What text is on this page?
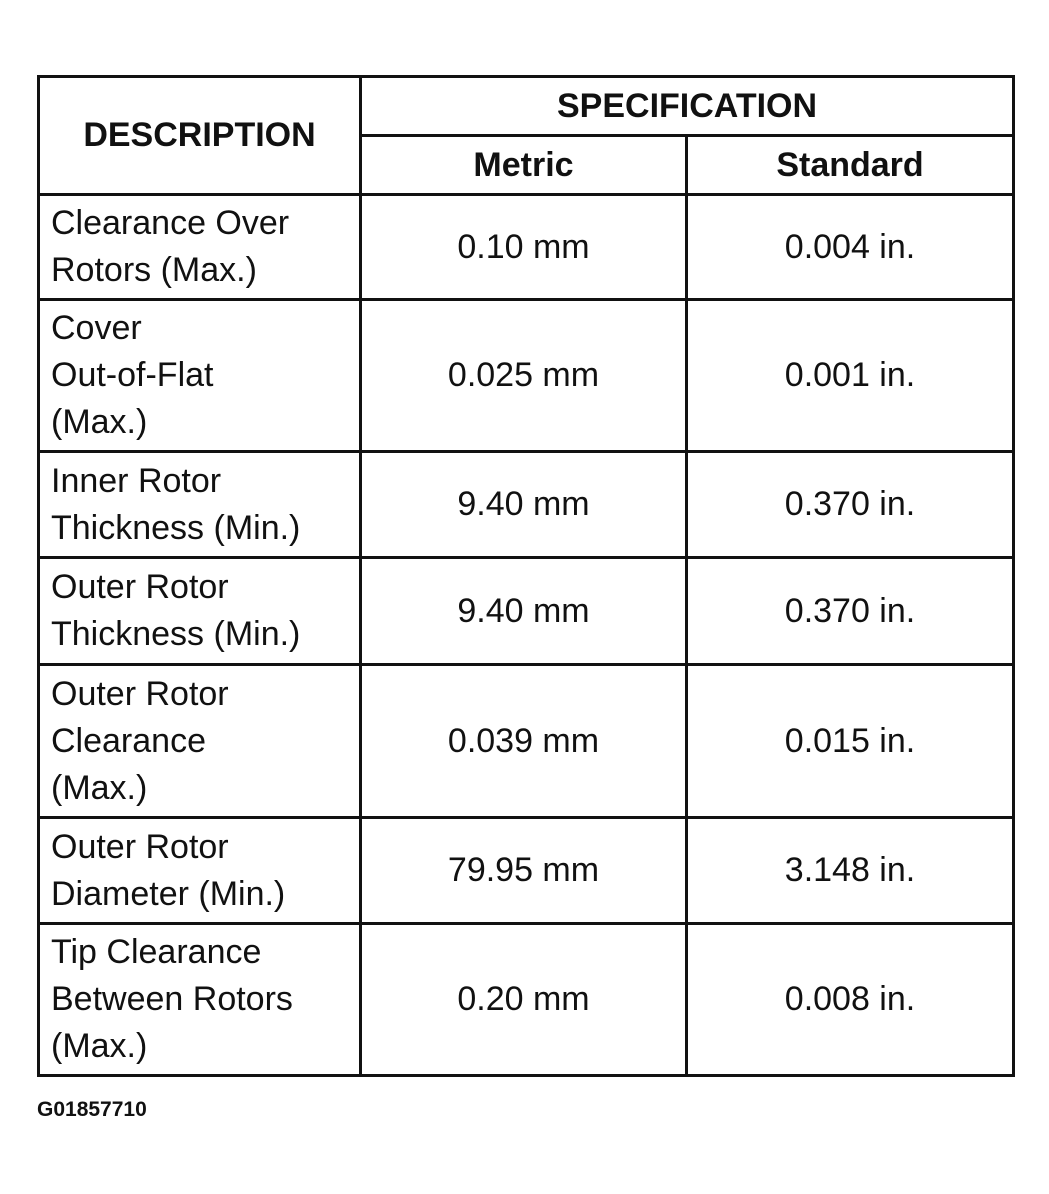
DESCRIPTION	SPECIFICATION	
	Metric	Standard
Clearance Over
Rotors (Max.)	0.10 mm	0.004 in.
Cover
Out-of-Flat
(Max.)	0.025 mm	0.001 in.
Inner Rotor
Thickness (Min.)	9.40 mm	0.370 in.
Outer Rotor
Thickness (Min.)	9.40 mm	0.370 in.
Outer Rotor
Clearance
(Max.)	0.039 mm	0.015 in.
Outer Rotor
Diameter (Min.)	79.95 mm	3.148 in.
Tip Clearance
Between Rotors
(Max.)	0.20 mm	0.008 in.
G01857710
